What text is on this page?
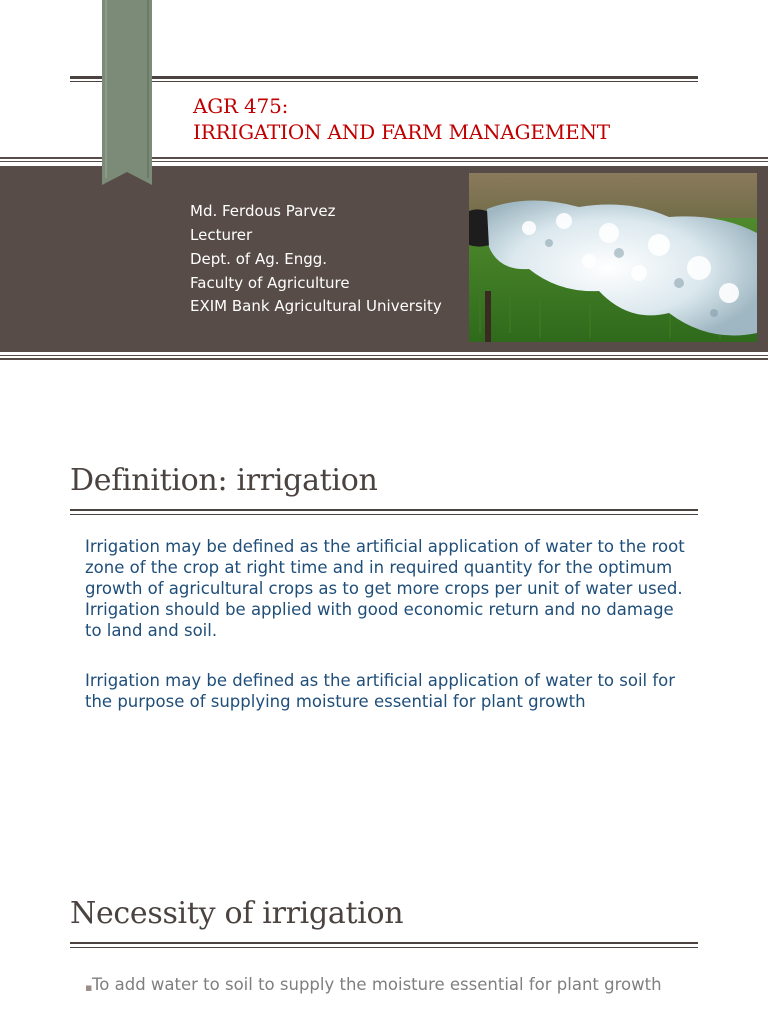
AGR 475:
IRRIGATION AND FARM MANAGEMENT
Md. Ferdous Parvez
Lecturer
Dept. of Ag. Engg.
Faculty of Agriculture
EXIM Bank Agricultural University
Definition: irrigation

Irrigation may be defined as the artificial application of water to the root zone of the crop at right time and in required quantity for the optimum growth of agricultural crops as to get more crops per unit of water used. Irrigation should be applied with good economic return and no damage to land and soil.

Irrigation may be defined as the artificial application of water to soil for the purpose of supplying moisture essential for plant growth

Necessity of irrigation
▪ To add water to soil to supply the moisture essential for plant growth
